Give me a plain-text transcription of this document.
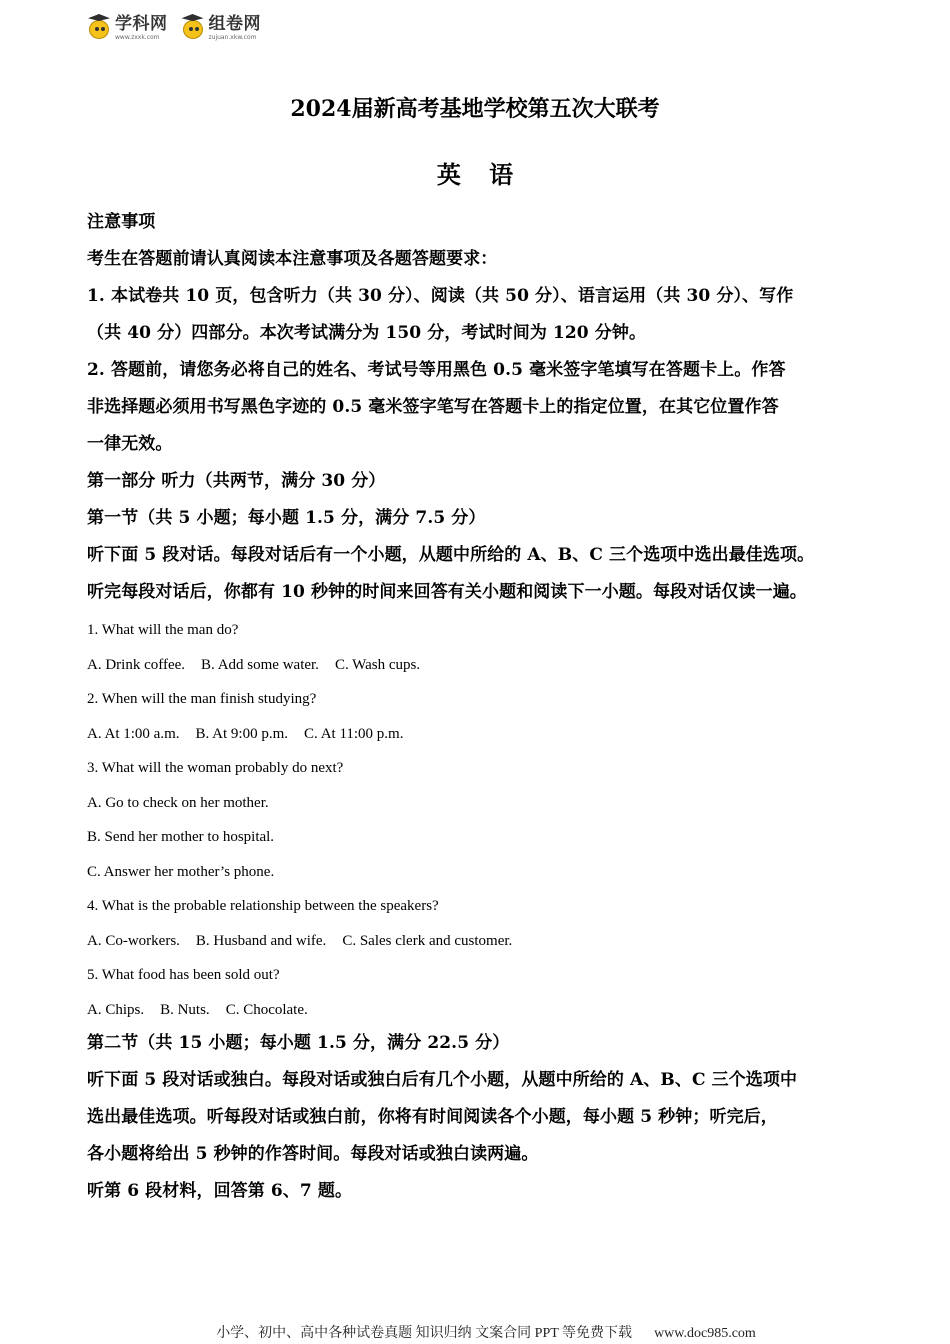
学科网
www.zxxk.com
组卷网
zujuan.xkw.com
2024届新高考基地学校第五次大联考
英 语
注意事项
考生在答题前请认真阅读本注意事项及各题答题要求：
1. 本试卷共 10 页，包含听力（共 30 分）、阅读（共 50 分）、语言运用（共 30 分）、写作
（共 40 分）四部分。本次考试满分为 150 分，考试时间为 120 分钟。
2. 答题前，请您务必将自己的姓名、考试号等用黑色 0.5 毫米签字笔填写在答题卡上。作答
非选择题必须用书写黑色字迹的 0.5 毫米签字笔写在答题卡上的指定位置，在其它位置作答
一律无效。
第一部分 听力（共两节，满分 30 分）
第一节（共 5 小题；每小题 1.5 分，满分 7.5 分）
听下面 5 段对话。每段对话后有一个小题，从题中所给的 A、B、C 三个选项中选出最佳选项。
听完每段对话后，你都有 10 秒钟的时间来回答有关小题和阅读下一小题。每段对话仅读一遍。
1. What will the man do?
A. Drink coffee. B. Add some water. C. Wash cups.
2. When will the man finish studying?
A. At 1:00 a.m. B. At 9:00 p.m. C. At 11:00 p.m.
3. What will the woman probably do next?
A. Go to check on her mother.
B. Send her mother to hospital.
C. Answer her mother’s phone.
4. What is the probable relationship between the speakers?
A. Co-workers. B. Husband and wife. C. Sales clerk and customer.
5. What food has been sold out?
A. Chips. B. Nuts. C. Chocolate.
第二节（共 15 小题；每小题 1.5 分，满分 22.5 分）
听下面 5 段对话或独白。每段对话或独白后有几个小题，从题中所给的 A、B、C 三个选项中
选出最佳选项。听每段对话或独白前，你将有时间阅读各个小题，每小题 5 秒钟；听完后，
各小题将给出 5 秒钟的作答时间。每段对话或独白读两遍。
听第 6 段材料，回答第 6、7 题。
小学、初中、高中各种试卷真题 知识归纳 文案合同 PPT 等免费下载 www.doc985.com
